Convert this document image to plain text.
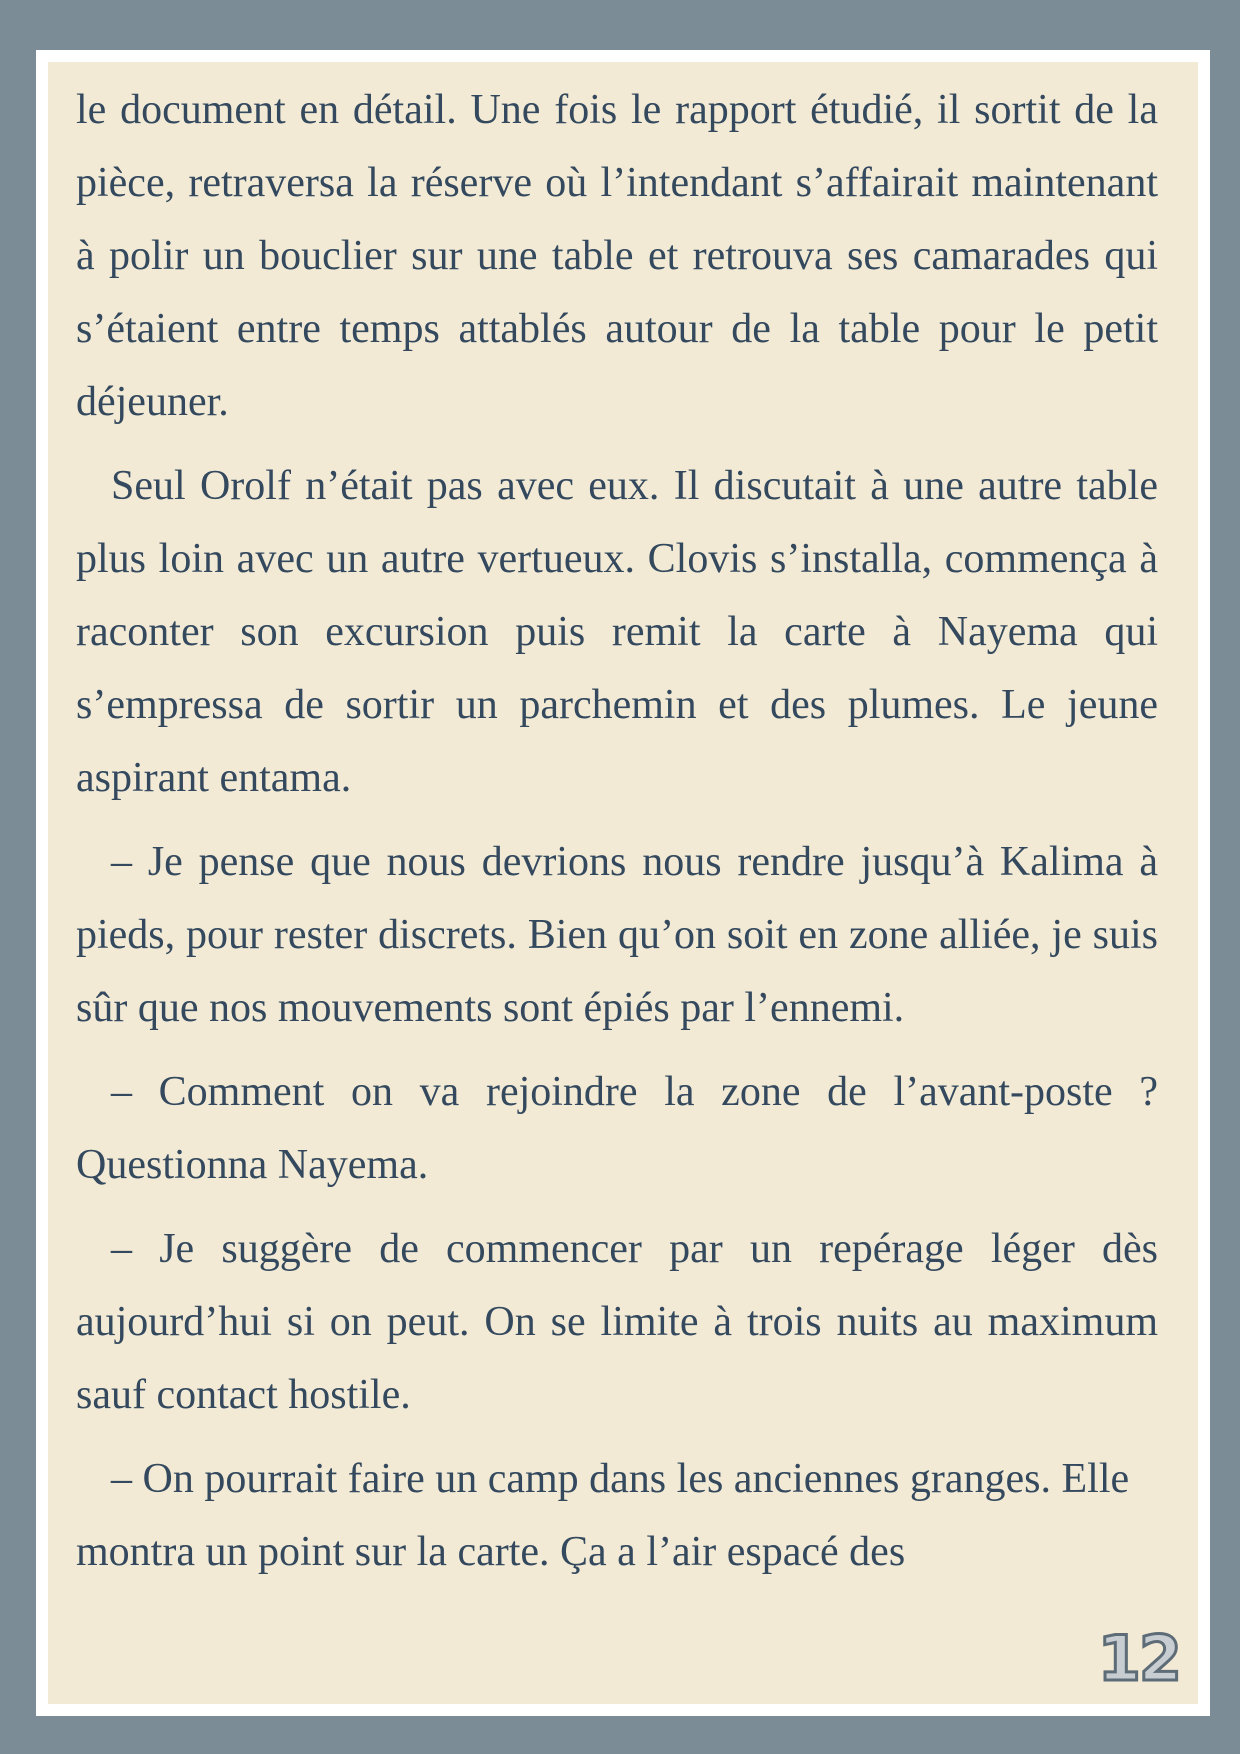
le document en détail. Une fois le rapport étudié, il sortit de la pièce, retraversa la réserve où l’intendant s’affairait maintenant à polir un bouclier sur une table et retrouva ses camarades qui s’étaient entre temps attablés autour de la table pour le petit déjeuner.

Seul Orolf n’était pas avec eux. Il discutait à une autre table plus loin avec un autre vertueux. Clovis s’installa, commença à raconter son excursion puis remit la carte à Nayema qui s’empressa de sortir un parchemin et des plumes. Le jeune aspirant entama.

– Je pense que nous devrions nous rendre jusqu’à Kalima à pieds, pour rester discrets. Bien qu’on soit en zone alliée, je suis sûr que nos mouvements sont épiés par l’ennemi.

– Comment on va rejoindre la zone de l’avant-poste ? Questionna Nayema.

– Je suggère de commencer par un repérage léger dès aujourd’hui si on peut. On se limite à trois nuits au maximum sauf contact hostile.

– On pourrait faire un camp dans les anciennes granges. Elle montra un point sur la carte. Ça a l’air espacé des

12
